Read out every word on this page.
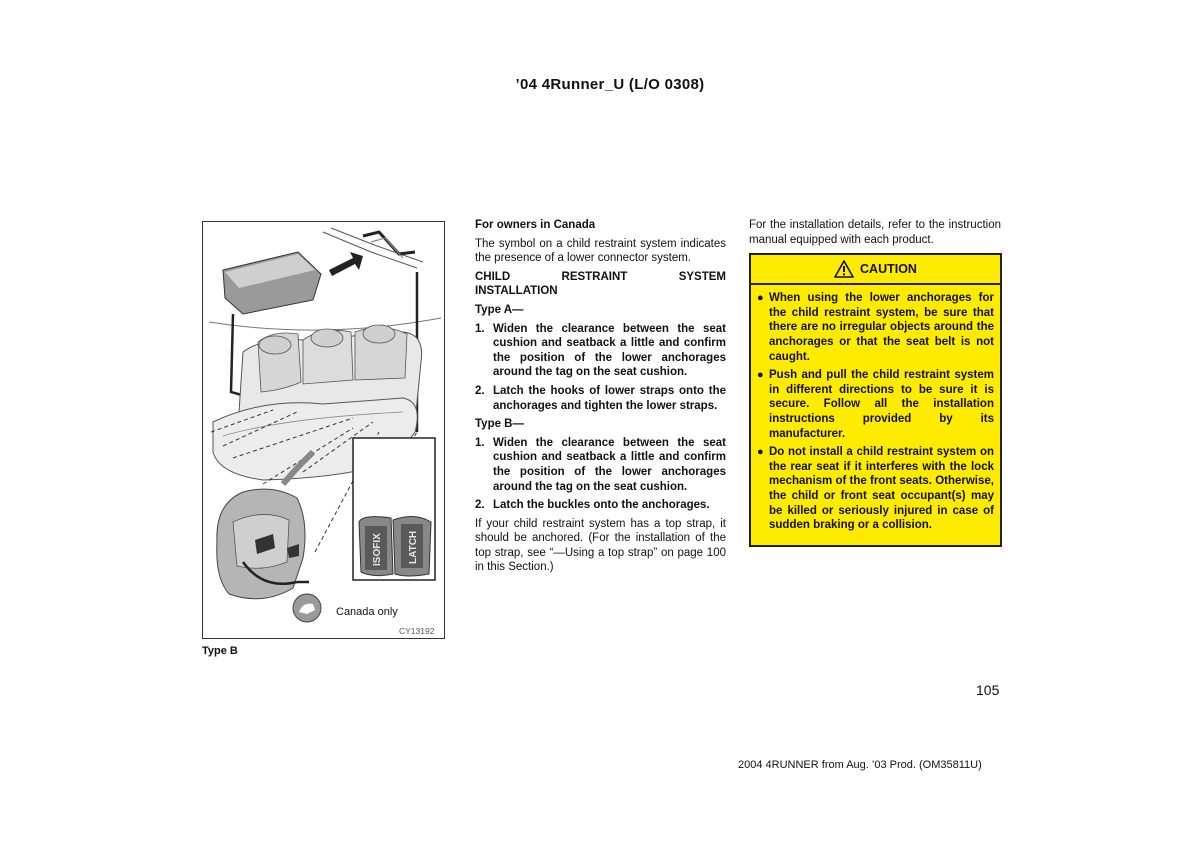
’04 4Runner_U (L/O 0308)
ISOFIX	LATCH
Canada only
CY13192
Type B

For owners in Canada

The symbol on a child restraint system indicates the presence of a lower connector system.

CHILD	RESTRAINT	SYSTEM

INSTALLATION

Type A—

1. Widen the clearance between the seat cushion and seatback a little and confirm the position of the lower anchorages around the tag on the seat cushion.
2. Latch the hooks of lower straps onto the anchorages and tighten the lower straps.

Type B—

1. Widen the clearance between the seat cushion and seatback a little and confirm the position of the lower anchorages around the tag on the seat cushion.
2. Latch the buckles onto the anchorages.

If your child restraint system has a top strap, it should be anchored. (For the installation of the top strap, see “—Using a top strap” on page 100 in this Section.)

For the installation details, refer to the instruction manual equipped with each product.

CAUTION
● When using the lower anchorages for the child restraint system, be sure that there are no irregular objects around the anchorages or that the seat belt is not caught.
● Push and pull the child restraint system in different directions to be sure it is secure. Follow all the installation instructions provided by its manufacturer.
● Do not install a child restraint system on the rear seat if it interferes with the lock mechanism of the front seats. Otherwise, the child or front seat occupant(s) may be killed or seriously injured in case of sudden braking or a collision.
105
2004 4RUNNER from Aug. ’03 Prod. (OM35811U)
